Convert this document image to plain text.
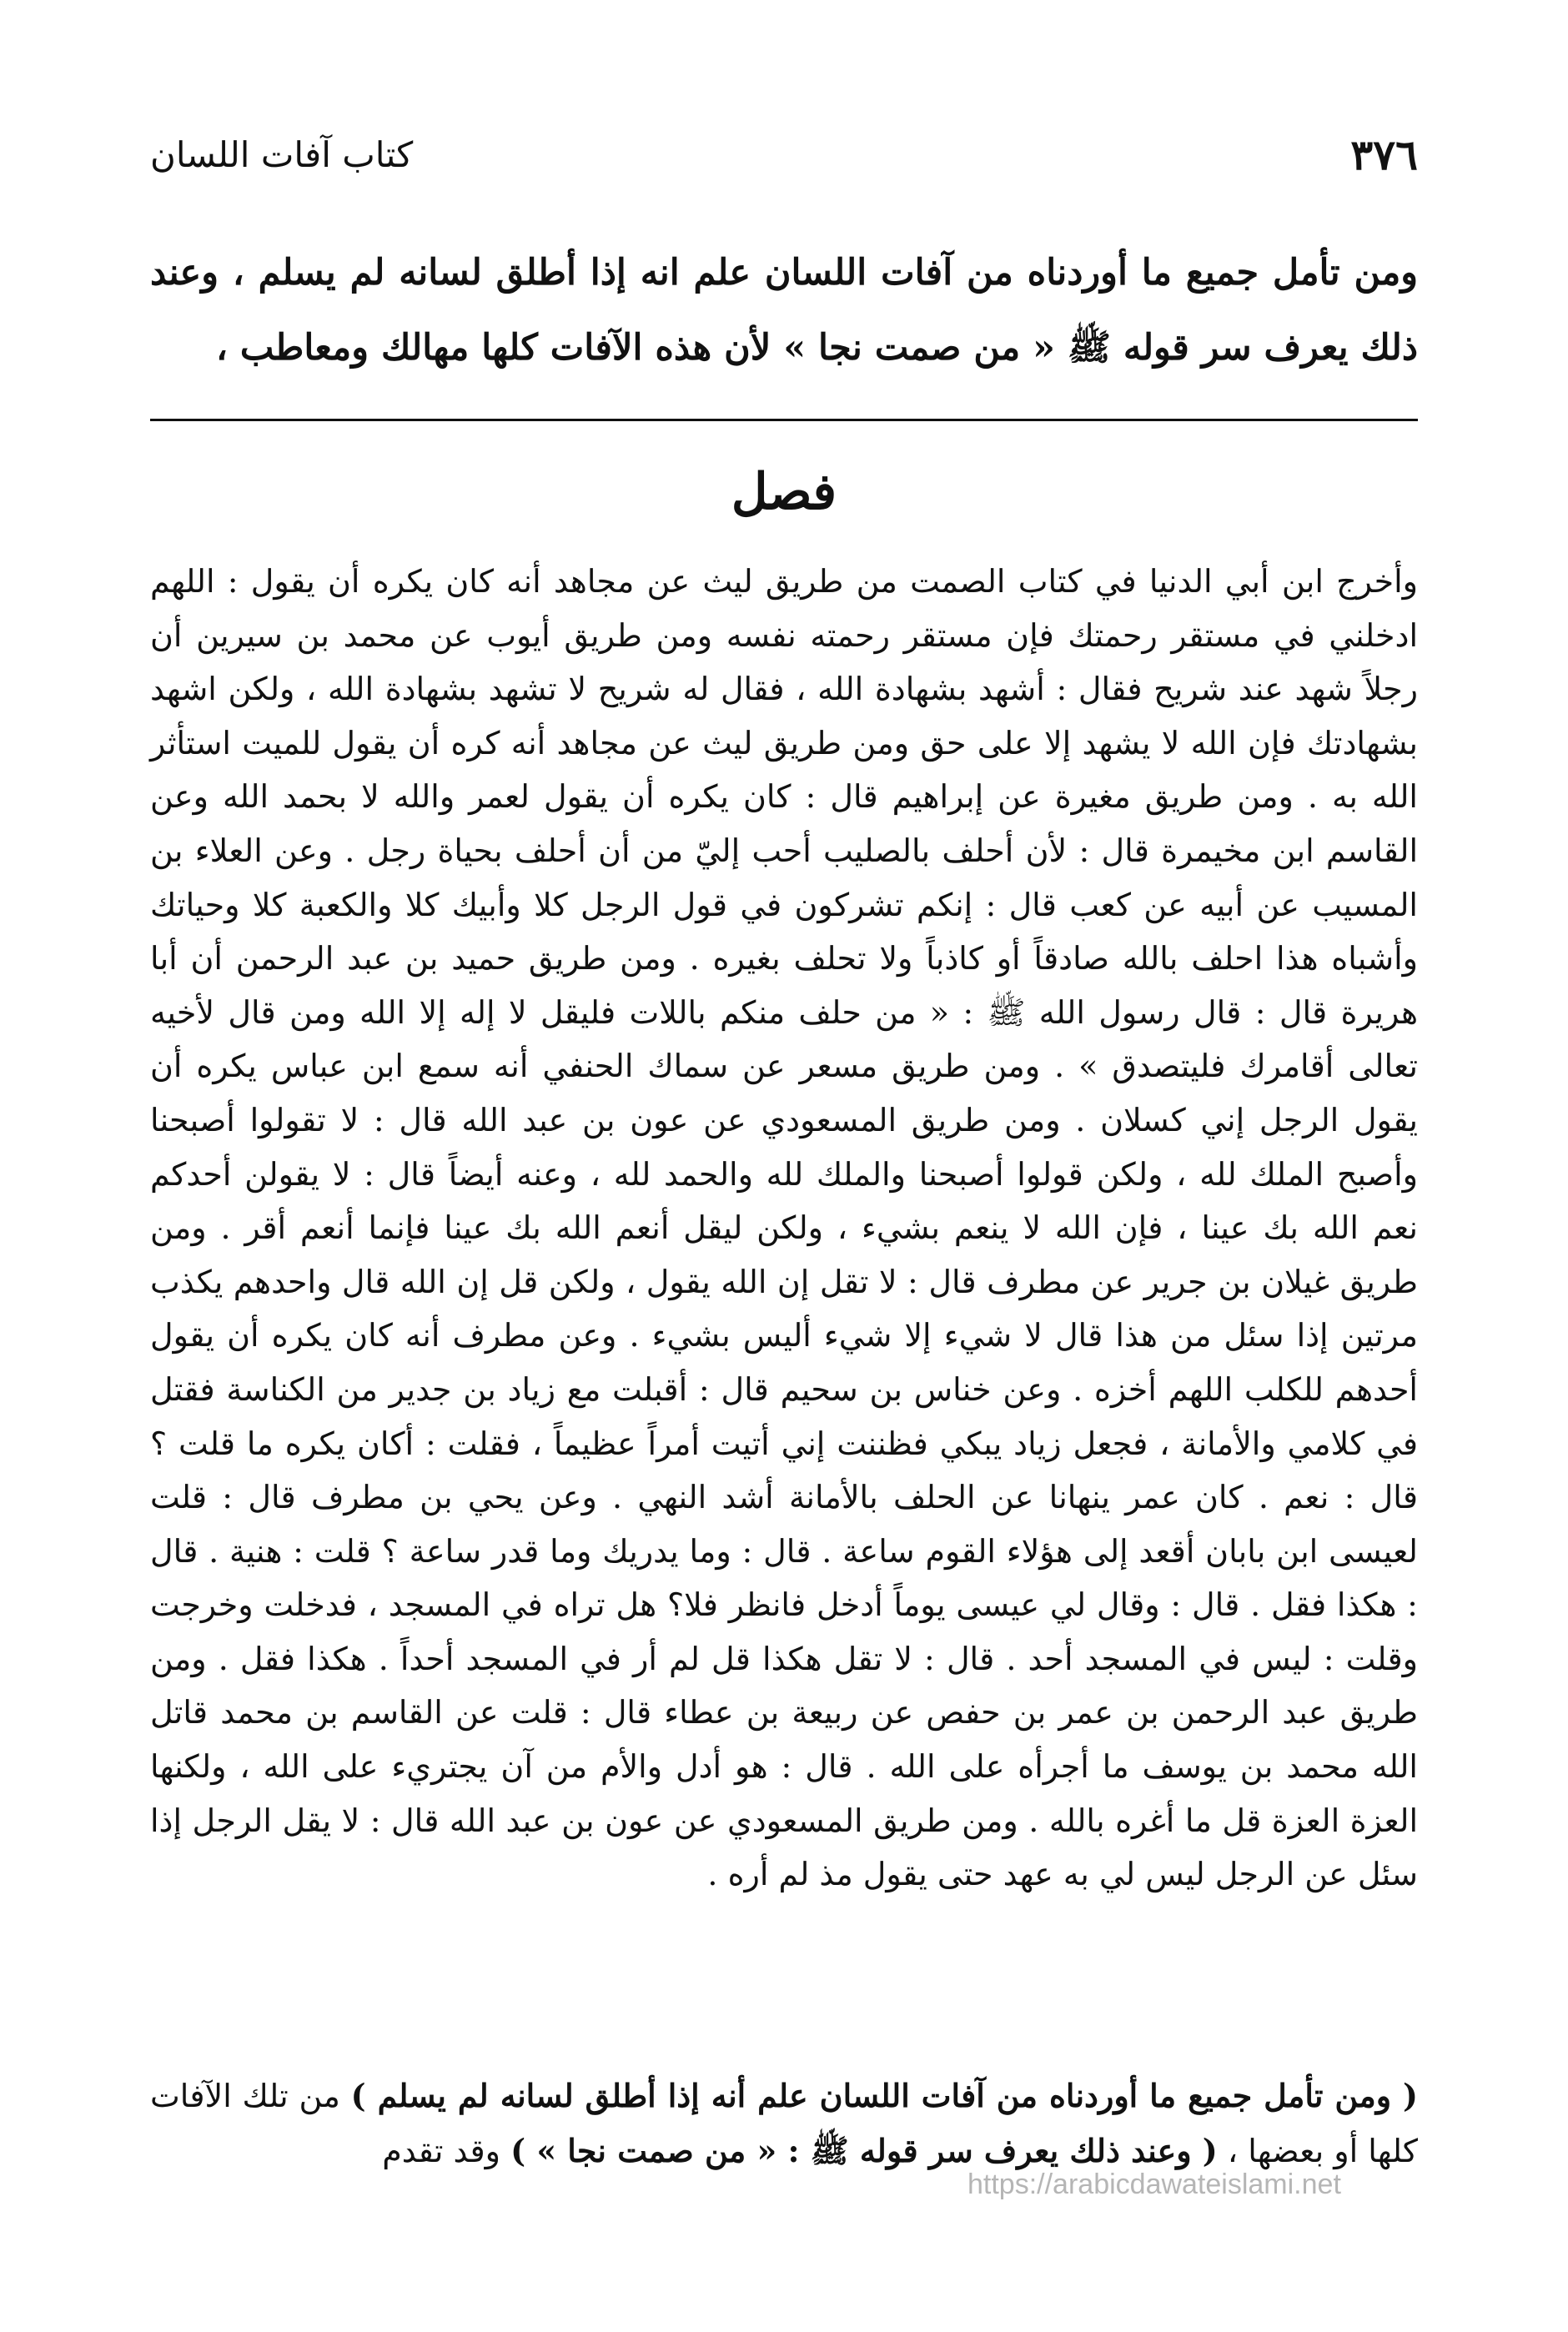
٣٧٦
كتاب آفات اللسان

ومن تأمل جميع ما أوردناه من آفات اللسان علم انه إذا أطلق لسانه لم يسلم ، وعند ذلك يعرف سر قوله ﷺ « من صمت نجا » لأن هذه الآفات كلها مهالك ومعاطب ،

فصل

وأخرج ابن أبي الدنيا في كتاب الصمت من طريق ليث عن مجاهد أنه كان يكره أن يقول : اللهم ادخلني في مستقر رحمتك فإن مستقر رحمته نفسه ومن طريق أيوب عن محمد بن سيرين أن رجلاً شهد عند شريح فقال : أشهد بشهادة الله ، فقال له شريح لا تشهد بشهادة الله ، ولكن اشهد بشهادتك فإن الله لا يشهد إلا على حق ومن طريق ليث عن مجاهد أنه كره أن يقول للميت استأثر الله به . ومن طريق مغيرة عن إبراهيم قال : كان يكره أن يقول لعمر والله لا بحمد الله وعن القاسم ابن مخيمرة قال : لأن أحلف بالصليب أحب إليّ من أن أحلف بحياة رجل . وعن العلاء بن المسيب عن أبيه عن كعب قال : إنكم تشركون في قول الرجل كلا وأبيك كلا والكعبة كلا وحياتك وأشباه هذا احلف بالله صادقاً أو كاذباً ولا تحلف بغيره . ومن طريق حميد بن عبد الرحمن أن أبا هريرة قال : قال رسول الله ﷺ : « من حلف منكم باللات فليقل لا إله إلا الله ومن قال لأخيه تعالى أقامرك فليتصدق » . ومن طريق مسعر عن سماك الحنفي أنه سمع ابن عباس يكره أن يقول الرجل إني كسلان . ومن طريق المسعودي عن عون بن عبد الله قال : لا تقولوا أصبحنا وأصبح الملك لله ، ولكن قولوا أصبحنا والملك لله والحمد لله ، وعنه أيضاً قال : لا يقولن أحدكم نعم الله بك عينا ، فإن الله لا ينعم بشيء ، ولكن ليقل أنعم الله بك عينا فإنما أنعم أقر . ومن طريق غيلان بن جرير عن مطرف قال : لا تقل إن الله يقول ، ولكن قل إن الله قال واحدهم يكذب مرتين إذا سئل من هذا قال لا شيء إلا شيء أليس بشيء . وعن مطرف أنه كان يكره أن يقول أحدهم للكلب اللهم أخزه . وعن خناس بن سحيم قال : أقبلت مع زياد بن جدير من الكناسة فقتل في كلامي والأمانة ، فجعل زياد يبكي فظننت إني أتيت أمراً عظيماً ، فقلت : أكان يكره ما قلت ؟ قال : نعم . كان عمر ينهانا عن الحلف بالأمانة أشد النهي . وعن يحي بن مطرف قال : قلت لعيسى ابن بابان أقعد إلى هؤلاء القوم ساعة . قال : وما يدريك وما قدر ساعة ؟ قلت : هنية . قال : هكذا فقل . قال : وقال لي عيسى يوماً أدخل فانظر فلا؟ هل تراه في المسجد ، فدخلت وخرجت وقلت : ليس في المسجد أحد . قال : لا تقل هكذا قل لم أر في المسجد أحداً . هكذا فقل . ومن طريق عبد الرحمن بن عمر بن حفص عن ربيعة بن عطاء قال : قلت عن القاسم بن محمد قاتل الله محمد بن يوسف ما أجرأه على الله . قال : هو أدل والأم من آن يجتريء على الله ، ولكنها العزة العزة قل ما أغره بالله . ومن طريق المسعودي عن عون بن عبد الله قال : لا يقل الرجل إذا سئل عن الرجل ليس لي به عهد حتى يقول مذ لم أره .

( ومن تأمل جميع ما أوردناه من آفات اللسان علم أنه إذا أطلق لسانه لم يسلم ) من تلك الآفات كلها أو بعضها ، ( وعند ذلك يعرف سر قوله ﷺ : « من صمت نجا » ) وقد تقدم

https://arabicdawateislami.net
